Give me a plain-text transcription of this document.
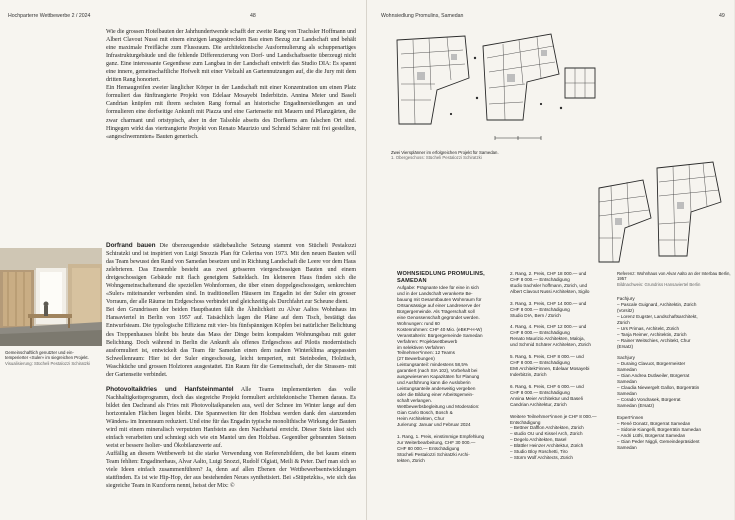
Hochparterre Wettbewerbe 2 / 2024	48

Wie die grossen Hotelbauten der Jahrhundertwende schafft der zweite Rang von Trachsler Hoffmann und Albert Clavout Nussi mit einem einzigen langgestreckten Bau einen Bezug zur Landschaft und behält eine maximale Freifläche zum Flussraum. Die architektonische Ausformulierung als schuppenartiges Infrastrukturgebäude und die fehlende Differenzierung von Dorf- und Landschaftsseite überzeugt nicht ganz. Eine interessante Gegenthese zum Langbau in der Landschaft entwirft das Studio DIA: Es spannt eine innere, gemeinschaftliche Hofwelt mit einer Vielzahl an Gartennutzungen auf, die die Jury mit dem dritten Rang honoriert.

Ein Hemaugreifen zweier länglicher Körper in der Landschaft mit einer Konzentration um einen Platz formuliert das fünftrangierte Projekt von Edelaar Mosayebi Inderbitzin. Annina Meier und Baseli Candrian knüpfen mit ihrem sechsten Rang formal an historische Engadinersiedlungen an und formulieren eine dorfseitige Ankunft mit Piazza und eine Gartenseite mit Mauern und Pflanzgärten, die zwar charmant und ortstypisch, aber in der Talsohle abseits des Dorfkerns am falschen Ort sind. Hingegen wirkt das viertrangierte Projekt von Renato Maurizio und Schmid Schärer mit frei gestellten, «angeschwemmten» Bauten generisch.

Gemeinschaftlich genutzter und ein-
temperierter «Suler» im siegreichen Projekt.
Visualisierung: Stücheli Pestalozzi Schiratzki

Dorfrand bauen Die überzeugendste städtebauliche Setzung stammt von Stücheli Pestalozzi Schiratzki und ist inspiriert von Luigi Snozzis Plan für Celerina von 1973. Mit den neuen Bauten will das Team bewusst den Rand von Samedan besetzen und in Richtung Landschaft die Leere vor dem Haus zelebrieren. Das Ensemble besteht aus zwei grösseren viergeschossigen Bauten und einem dreigeschossigen Gebäude mit flach geneigtem Satteldach. Im kleineren Haus finden sich die Wohngemeinschaftenund die speziellen Wohnformen, die über einen doppelgeschossigen, senkrechten «Suler» miteinander verbunden sind. In traditionellen Häusern im Engadin ist der Suler ein grosser Vorraum, der alle Räume im Erdgeschoss verbindet und gleichzeitig als Durchfahrt zur Scheune dient.

Bei den Grundrissen der beiden Hauptbauten fällt die Ähnlichkeit zu Alvar Aaltos Wohnhaus im Hansaviertel in Berlin von 1957 auf. Tatsächlich lagen die Pläne auf dem Tisch, bestätigt das Entwurfsteam. Die typologische Effizienz mit vier- bis fünfspännigen Köpfen bei natürlicher Belichtung des Treppenhauses bleibt bis heute das Mass der Dinge beim kompakten Wohnungsbau mit guter Belichtung. Doch während in Berlin die Ankunft als offenes Erdgeschoss auf Pilotis modernistisch ausformuliert ist, entwickelt das Team für Samedan einen dem rauhen Winterklima angepassten Schwellenraum: Hier ist der Suler eingeschossig, leicht temperiert, mit Steinboden, Holztisch, Waschküche und grossen Holztoren ausgestattet. Ein Raum für die Gemeinschaft, der die Strassen- mit der Gartenseite verbindet.

Photovoltaikfries und Hanfsteinmantel Alle Teams implementierten das volle Nachhaltigkeitsprogramm, doch das siegreiche Projekt formuliert architektonische Themen daraus. Es bildet den Dachrand als Fries mit Photovoltaikpanelen aus, weil der Schnee im Winter lange auf den horizontalen Flächen liegen bleibt. Die Spannweiten für den Holzbau werden dank den «tanzenden Wänden» im Innenraum reduziert. Und eine für das Engadin typische monolithische Wirkung der Bauten wird mit einem mineralisch verputzten Hanfstein aus dem Nachbartal erreicht. Dieser Stein lässt sich einfach verarbeiten und schmiegt sich wie ein Mantel um den Holzbau. Gegenüber gebrannten Steinen weist er bessere Isolier- und Ökobilanzwerte auf.

Auffällig an diesem Wettbewerb ist die starke Verwendung von Referenzbildern, die bei kaum einem Team fehlten: Engadinerhaus, Alvar Aalto, Luigi Snozzi, Rudolf Olgiati, Meili & Peter. Darf man sich so viele Ideen einfach zusammenführen? Ja, denn auf allen Ebenen der Wettbewerbsentwicklungen stattfinden. Es ist wie Hip-Hop, der aus bestehenden Neues synthetisiert. Bei «Stüpetzkis», wie sich das siegreiche Team in Kurzform nennt, heisst der Mix: ©

Wohnsiedlung Promulins, Samedan	49
Zwei Viersplänner im erfolgreichen Projekt für Samedan.
1. Obergeschoss: Stücheli Pestalozzi Schiratzki
Referenz: Wohnhaus von Alvar Aalto an der Interbau Berlin, 1957
Bildnachweis: Grundriss Hansaviertel Berlin
WOHNSIEDLUNG PROMULINS,
SAMEDAN
Aufgabe: Prägnante Idee für eine in sich
und in der Landschaft verankerte Be-
bauung mit Gesamtbauten Wohnraum für
Ortsansässige auf einer Landreserve der
Bürgergemeinde. Als Trägerschaft soll
eine Genossenschaft gegründet werden.
Wohnungen: rund 60
Kostenrahmen: CHF 40 Mio. (eBKP-H-W)
Veranstalterin: Bürgergemeinde Samedan
Verfahren: Projektwettbewerb
im selektiven Verfahren
Teilnehmer*innen: 12 Teams
(27 Bewerbungen)
Leistungsanteil: mindestens 58,5%
garantiert (nach SIA 102), Vorbehalt bei
ausgewiesenen Kapazitäten für Planung
und Ausführung kann die Ausloberin
Leistungsanteile anderweitig vergeben
oder die Bildung einer Arbeitsgemein-
schaft verlangen.
Wettbewerbsbegleitung und Moderation:
Gian Carlo Bosch, Bosch &
Heim Architekten, Chur
Jurierung: Januar und Februar 2024
1. Rang, 1. Preis, einstimmige Empfehlung
zur Weiterbearbeitung, CHF 30 000.—
CHF 80 000.— Entschädigung
Stücheli Pestalozzi Schiratzki Archi-
tekten, Zürich
2. Rang, 2. Preis, CHF 18 000.— und
CHF 8 000.— Entschädigung
studio trachsler hoffmann, Zürich, und
Albert Clavout Nussi Architekten, Sigilo
3. Rang, 3. Preis, CHF 14 000.— und
CHF 8 000.— Entschädigung
Studio DIA, Bern / Zürich
4. Rang, 4. Preis, CHF 12 000.— und
CHF 8 000.— Entschädigung
Renato Maurizio Architekten, Maloja,
und Schmid Schärer Architekten, Zürich
5. Rang, 5. Preis, CHF 8 000.— und
CHF 8 000.— Entschädigung
EMI Architekt*innen, Edelaar Mosayebi
Inderbitzin, Zürich
6. Rang, 6. Preis, CHF 6 000.— und
CHF 8 000.— Entschädigung
Annina Meier Architektur und Baseli
Candrian Architektur, Zürich
Weitere Teilnehmer*innen je CHF 8 000.—
Entschädigung
– Bettner Dafflon Architekten, Zürich
– studio OU und Kissel Arch, Zürich
– Degelo Architekten, Basel
– Blättler Heinzer Architektur, Zürich
– Studio Bloy Roschetti, Tiro
– Stürm Wolf Architects, Zürich
Fachjury
– Pascale Guignard, Architektin, Zürich
(Vorsitz)
– Lorenz Eugster, Landschaftsarchitekt,
Zürich
– Urs Primas, Architekt, Zürich
– Tanja Reimer, Architektin, Zürich
– Rainer Weitschies, Architekt, Chur
(Ersatz)
Sachjury
– Duraing Clavuot, Bürgermeister
Samedan
– Gian Andrea Dutlweiler, Bürgerrat
Samedan
– Claudia Niewergelt Gallon, Bürgerrätin
Samedan
– Corado Vondrasek, Bürgerrat
Samedan (Ersatz)
Expert*innen
– René Donatz, Bürgerrat Samedan
– Sidonie Kiangelli, Bürgerrätin Samedan
– Andri Lüthi, Bürgerrat Samedan
– Gian Peder Niggli, Gemeindepräsident
Samedan
